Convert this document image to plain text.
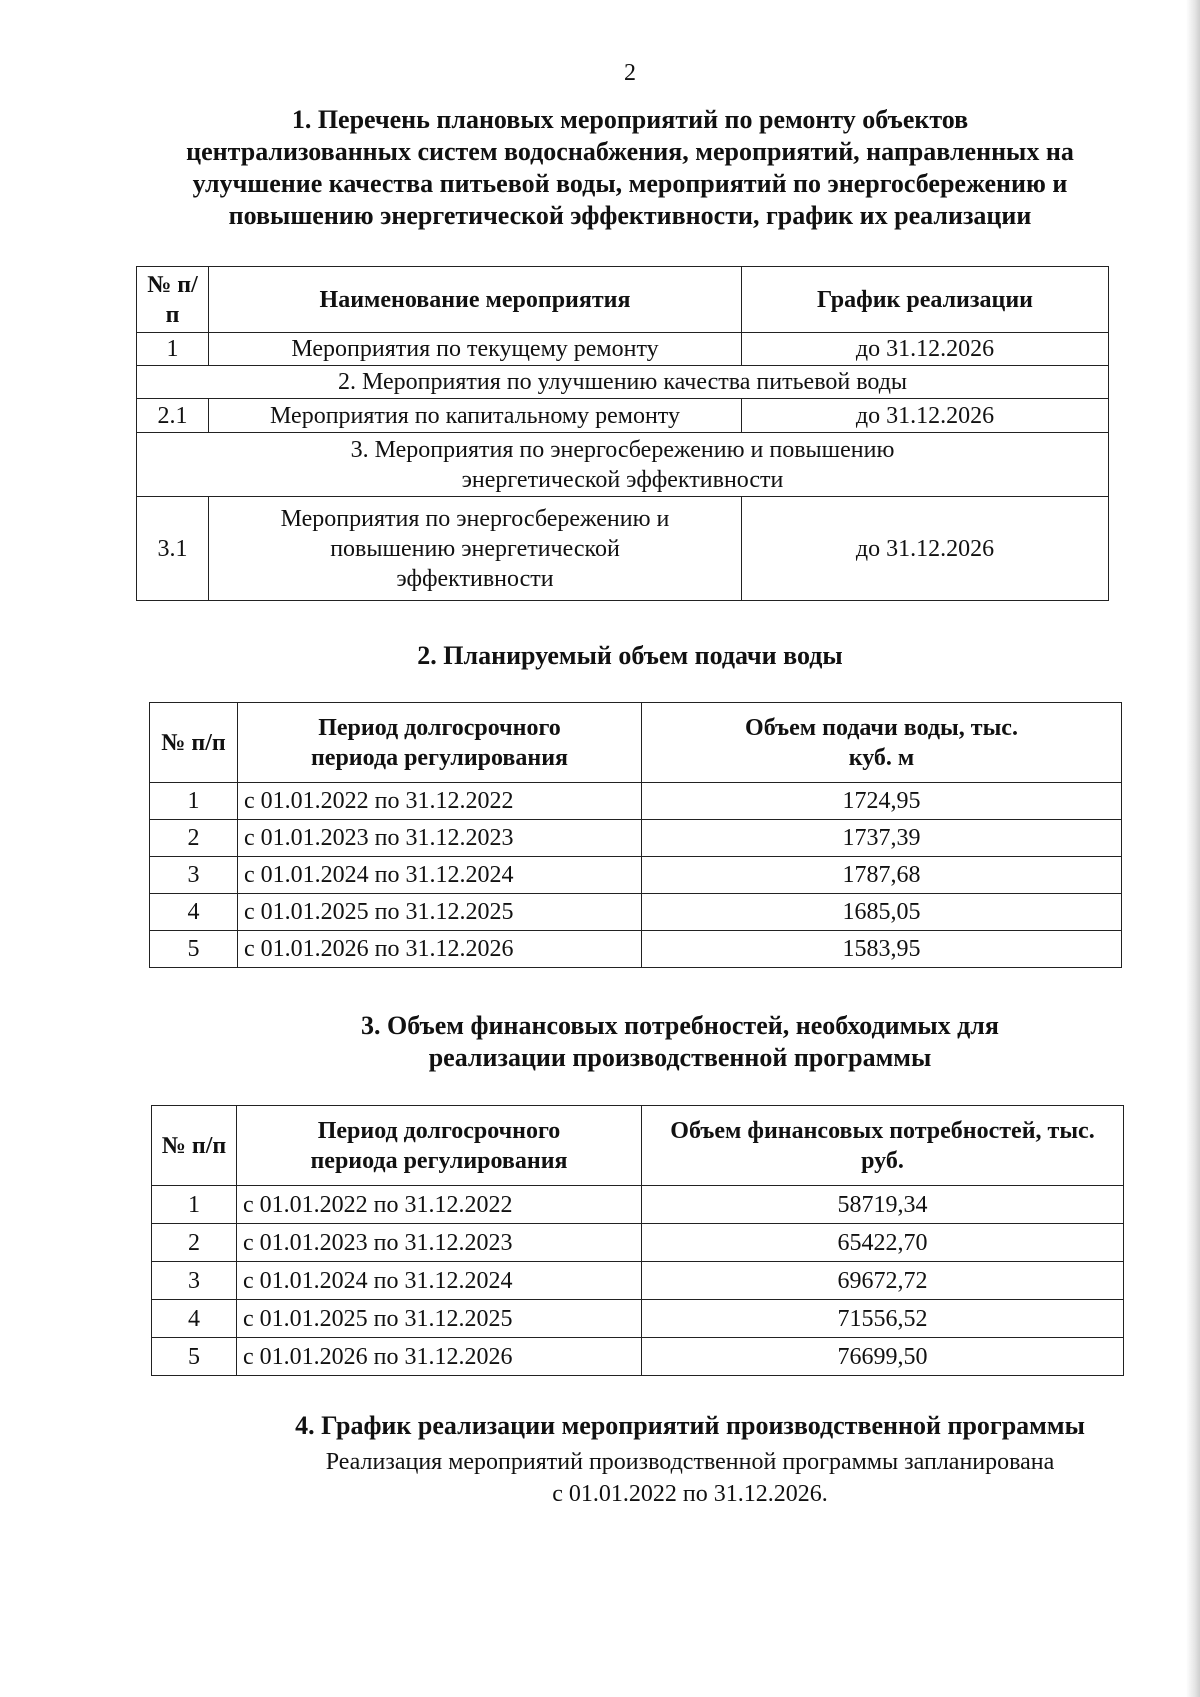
2
1. Перечень плановых мероприятий по ремонту объектов
централизованных систем водоснабжения, мероприятий, направленных на
улучшение качества питьевой воды, мероприятий по энергосбережению и
повышению энергетической эффективности, график их реализации
№ п/п	Наименование мероприятия	График реализации
1	Мероприятия по текущему ремонту	до 31.12.2026
2. Мероприятия по улучшению качества питьевой воды		
2.1	Мероприятия по капитальному ремонту	до 31.12.2026
3. Мероприятия по энергосбережению и повышению энергетической эффективности		
3.1	Мероприятия по энергосбережению и повышению энергетической эффективности	до 31.12.2026
2. Планируемый объем подачи воды
№ п/п	Период долгосрочного периода регулирования	Объем подачи воды, тыс. куб. м
1	с 01.01.2022 по 31.12.2022	1724,95
2	с 01.01.2023 по 31.12.2023	1737,39
3	с 01.01.2024 по 31.12.2024	1787,68
4	с 01.01.2025 по 31.12.2025	1685,05
5	с 01.01.2026 по 31.12.2026	1583,95
3. Объем финансовых потребностей, необходимых для
реализации производственной программы
№ п/п	Период долгосрочного периода регулирования	Объем финансовых потребностей, тыс. руб.
1	с 01.01.2022 по 31.12.2022	58719,34
2	с 01.01.2023 по 31.12.2023	65422,70
3	с 01.01.2024 по 31.12.2024	69672,72
4	с 01.01.2025 по 31.12.2025	71556,52
5	с 01.01.2026 по 31.12.2026	76699,50
4. График реализации мероприятий производственной программы
Реализация мероприятий производственной программы запланирована
с 01.01.2022 по 31.12.2026.
